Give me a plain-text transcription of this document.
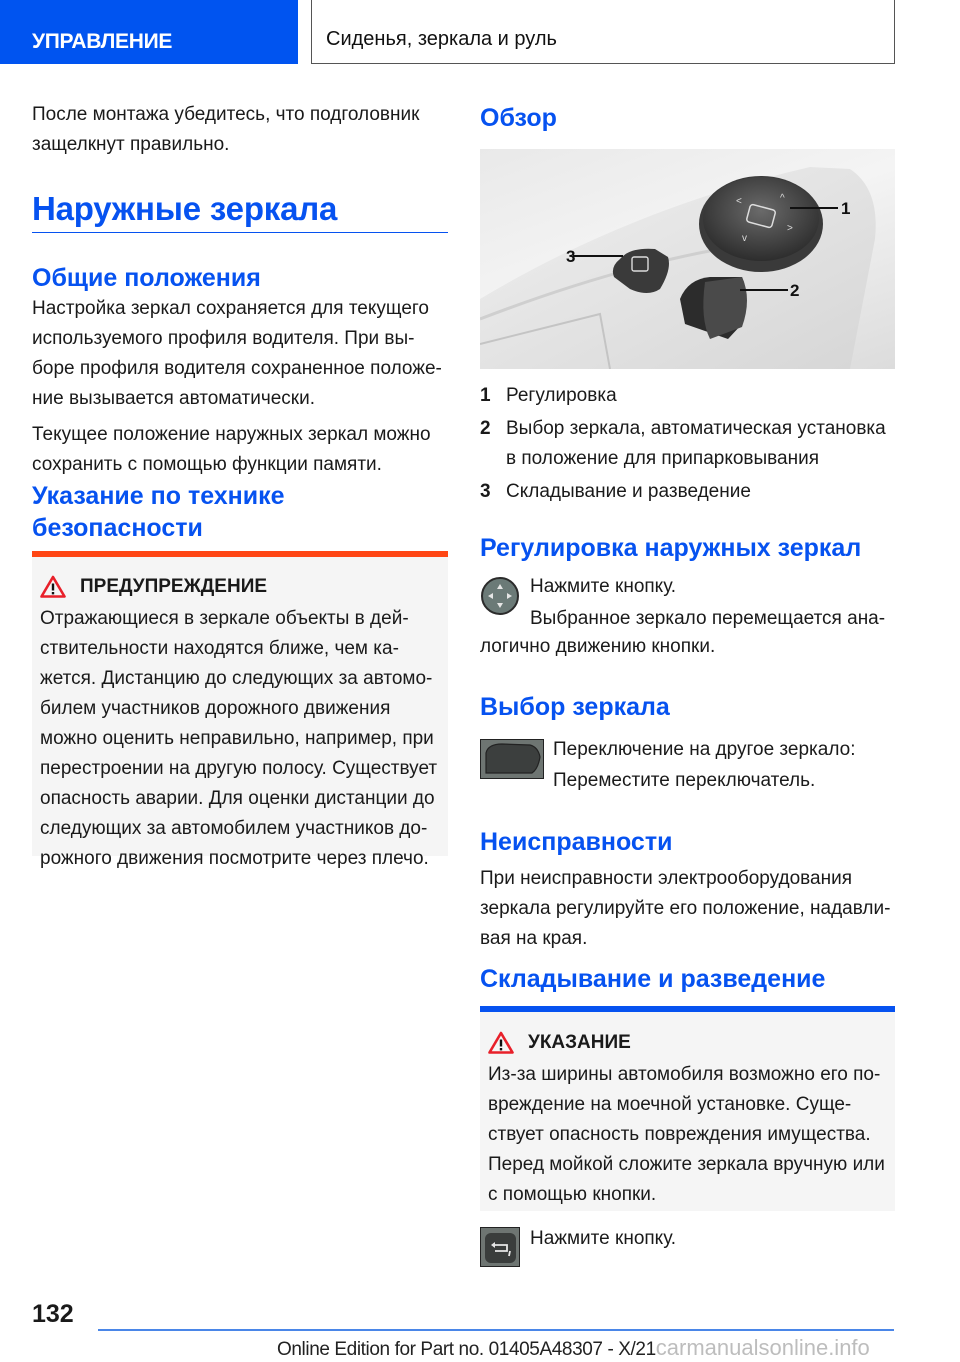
УПРАВЛЕНИЕ	Сиденья, зеркала и руль

После монтажа убедитесь, что подголовник

защелкнут правильно.

Наружные зеркала
Общие положения

Настройка зеркал сохраняется для текущего

используемого профиля водителя. При вы-

боре профиля водителя сохраненное положе-

ние вызывается автоматически.

Текущее положение наружных зеркал можно

сохранить с помощью функции памяти.

Указание по технике
безопасности
ПРЕДУПРЕЖДЕНИЕ

Отражающиеся в зеркале объекты в дей-

ствительности находятся ближе, чем ка-

жется. Дистанцию до следующих за автомо-

билем участников дорожного движения

можно оценить неправильно, например, при

перестроении на другую полосу. Существует

опасность аварии. Для оценки дистанции до

следующих за автомобилем участников до-

рожного движения посмотрите через плечо.

Обзор
^
<
>
v
1
2
3
1 Регулировка
2 Выбор зеркала, автоматическая установка
в положение для припарковывания
3 Складывание и разведение
Регулировка наружных зеркал

Нажмите кнопку.

Выбранное зеркало перемещается ана-

логично движению кнопки.

Выбор зеркала

Переключение на другое зеркало:

Переместите переключатель.

Неисправности

При неисправности электрооборудования

зеркала регулируйте его положение, надавли-

вая на края.

Складывание и разведение
УКАЗАНИЕ

Из-за ширины автомобиля возможно его по-

вреждение на моечной установке. Суще-

ствует опасность повреждения имущества.

Перед мойкой сложите зеркала вручную или

с помощью кнопки.

Нажмите кнопку.

132
Online Edition for Part no. 01405A48307 - X/21carmanualsonline.info
